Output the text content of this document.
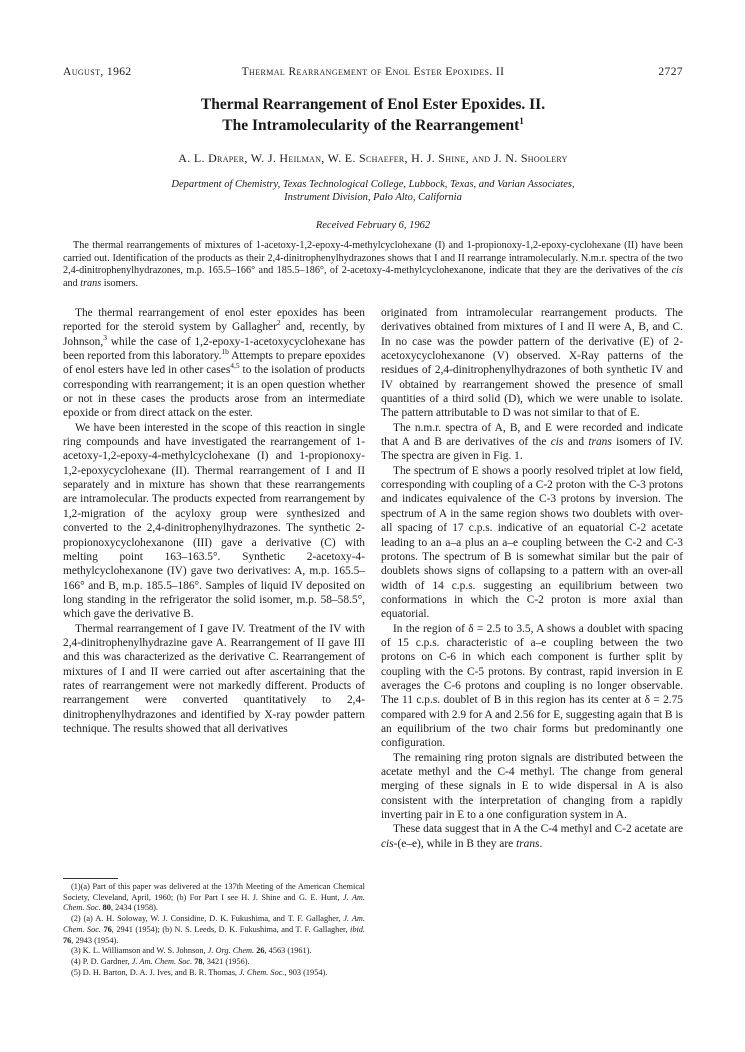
August, 1962	Thermal Rearrangement of Enol Ester Epoxides. II	2727
Thermal Rearrangement of Enol Ester Epoxides. II.
The Intramolecularity of the Rearrangement$^1$
A. L. Draper, W. J. Heilman, W. E. Schaefer, H. J. Shine, and J. N. Shoolery
Department of Chemistry, Texas Technological College, Lubbock, Texas, and Varian Associates,
Instrument Division, Palo Alto, California
Received February 6, 1962
The thermal rearrangements of mixtures of 1-acetoxy-1,2-epoxy-4-methylcyclohexane (I) and 1-propionoxy-1,2-epoxy-cyclohexane (II) have been carried out. Identification of the products as their 2,4-dinitrophenylhydrazones shows that I and II rearrange intramolecularly. N.m.r. spectra of the two 2,4-dinitrophenylhydrazones, m.p. 165.5–166° and 185.5–186°, of 2-acetoxy-4-methylcyclohexanone, indicate that they are the derivatives of the cis and trans isomers.

The thermal rearrangement of enol ester epoxides has been reported for the steroid system by Gallagher$^2$ and, recently, by Johnson,$^3$ while the case of 1,2-epoxy-1-acetoxycyclohexane has been reported from this laboratory.$^{1b}$ Attempts to prepare epoxides of enol esters have led in other cases$^{4,5}$ to the isolation of products corresponding with rearrangement; it is an open question whether or not in these cases the products arose from an intermediate epoxide or from direct attack on the ester.

We have been interested in the scope of this reaction in single ring compounds and have investigated the rearrangement of 1-acetoxy-1,2-epoxy-4-methylcyclohexane (I) and 1-propionoxy-1,2-epoxycyclohexane (II). Thermal rearrangement of I and II separately and in mixture has shown that these rearrangements are intramolecular. The products expected from rearrangement by 1,2-migration of the acyloxy group were synthesized and converted to the 2,4-dinitrophenylhydrazones. The synthetic 2-propionoxycyclohexanone (III) gave a derivative (C) with melting point 163–163.5°. Synthetic 2-acetoxy-4-methylcyclohexanone (IV) gave two derivatives: A, m.p. 165.5–166° and B, m.p. 185.5–186°. Samples of liquid IV deposited on long standing in the refrigerator the solid isomer, m.p. 58–58.5°, which gave the derivative B.

Thermal rearrangement of I gave IV. Treatment of the IV with 2,4-dinitrophenylhydrazine gave A. Rearrangement of II gave III and this was characterized as the derivative C. Rearrangement of mixtures of I and II were carried out after ascertaining that the rates of rearrangement were not markedly different. Products of rearrangement were converted quantitatively to 2,4-dinitrophenylhydrazones and identified by X-ray powder pattern technique. The results showed that all derivatives

originated from intramolecular rearrangement products. The derivatives obtained from mixtures of I and II were A, B, and C. In no case was the powder pattern of the derivative (E) of 2-acetoxycyclohexanone (V) observed. X-Ray patterns of the residues of 2,4-dinitrophenylhydrazones of both synthetic IV and IV obtained by rearrangement showed the presence of small quantities of a third solid (D), which we were unable to isolate. The pattern attributable to D was not similar to that of E.

The n.m.r. spectra of A, B, and E were recorded and indicate that A and B are derivatives of the cis and trans isomers of IV. The spectra are given in Fig. 1.

The spectrum of E shows a poorly resolved triplet at low field, corresponding with coupling of a C-2 proton with the C-3 protons and indicates equivalence of the C-3 protons by inversion. The spectrum of A in the same region shows two doublets with over-all spacing of 17 c.p.s. indicative of an equatorial C-2 acetate leading to an a–a plus an a–e coupling between the C-2 and C-3 protons. The spectrum of B is somewhat similar but the pair of doublets shows signs of collapsing to a pattern with an over-all width of 14 c.p.s. suggesting an equilibrium between two conformations in which the C-2 proton is more axial than equatorial.

In the region of δ = 2.5 to 3.5, A shows a doublet with spacing of 15 c.p.s. characteristic of a–e coupling between the two protons on C-6 in which each component is further split by coupling with the C-5 protons. By contrast, rapid inversion in E averages the C-6 protons and coupling is no longer observable. The 11 c.p.s. doublet of B in this region has its center at δ = 2.75 compared with 2.9 for A and 2.56 for E, suggesting again that B is an equilibrium of the two chair forms but predominantly one configuration.

The remaining ring proton signals are distributed between the acetate methyl and the C-4 methyl. The change from general merging of these signals in E to wide dispersal in A is also consistent with the interpretation of changing from a rapidly inverting pair in E to a one configuration system in A.

These data suggest that in A the C-4 methyl and C-2 acetate are cis-(e–e), while in B they are trans.

(1)(a) Part of this paper was delivered at the 137th Meeting of the American Chemical Society, Cleveland, April, 1960; (b) For Part I see H. J. Shine and G. E. Hunt, J. Am. Chem. Soc. 80, 2434 (1958).

(2) (a) A. H. Soloway, W. J. Considine, D. K. Fukushima, and T. F. Gallagher, J. Am. Chem. Soc. 76, 2941 (1954); (b) N. S. Leeds, D. K. Fukushima, and T. F. Gallagher, ibid. 76, 2943 (1954).

(3) K. L. Williamson and W. S. Johnson, J. Org. Chem. 26, 4563 (1961).

(4) P. D. Gardner, J. Am. Chem. Soc. 78, 3421 (1956).

(5) D. H. Barton, D. A. J. Ives, and B. R. Thomas, J. Chem. Soc., 903 (1954).
